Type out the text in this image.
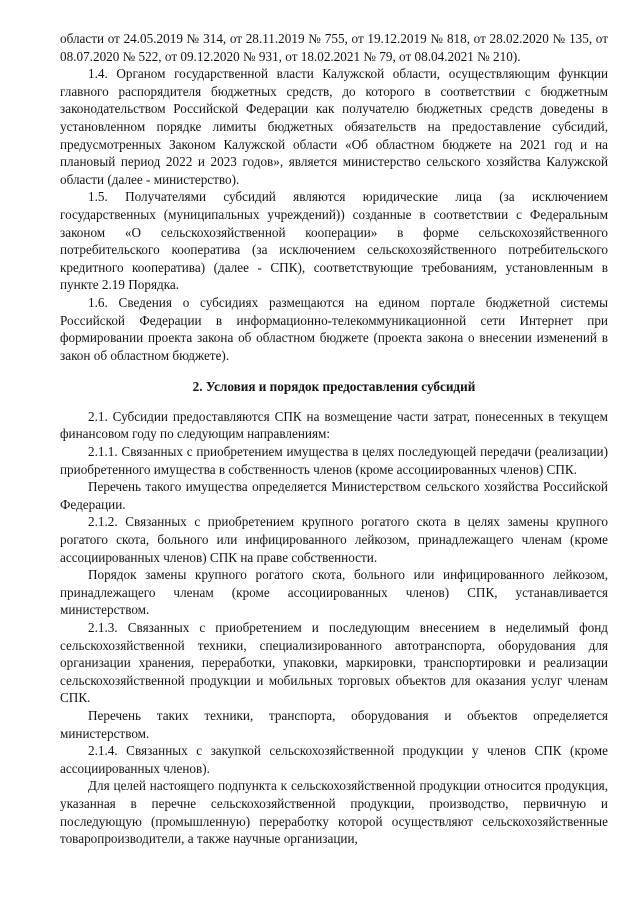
области от 24.05.2019 № 314, от 28.11.2019 № 755, от 19.12.2019 № 818, от 28.02.2020 № 135, от 08.07.2020 № 522, от 09.12.2020 № 931, от 18.02.2021 № 79, от 08.04.2021 № 210).

1.4. Органом государственной власти Калужской области, осуществляющим функции главного распорядителя бюджетных средств, до которого в соответствии с бюджетным законодательством Российской Федерации как получателю бюджетных средств доведены в установленном порядке лимиты бюджетных обязательств на предоставление субсидий, предусмотренных Законом Калужской области «Об областном бюджете на 2021 год и на плановый период 2022 и 2023 годов», является министерство сельского хозяйства Калужской области (далее - министерство).

1.5. Получателями субсидий являются юридические лица (за исключением государственных (муниципальных учреждений)) созданные в соответствии с Федеральным законом «О сельскохозяйственной кооперации» в форме сельскохозяйственного потребительского кооператива (за исключением сельскохозяйственного потребительского кредитного кооператива) (далее - СПК), соответствующие требованиям, установленным в пункте 2.19 Порядка.

1.6. Сведения о субсидиях размещаются на едином портале бюджетной системы Российской Федерации в информационно-телекоммуникационной сети Интернет при формировании проекта закона об областном бюджете (проекта закона о внесении изменений в закон об областном бюджете).

2. Условия и порядок предоставления субсидий

2.1. Субсидии предоставляются СПК на возмещение части затрат, понесенных в текущем финансовом году по следующим направлениям:

2.1.1. Связанных с приобретением имущества в целях последующей передачи (реализации) приобретенного имущества в собственность членов (кроме ассоциированных членов) СПК.

Перечень такого имущества определяется Министерством сельского хозяйства Российской Федерации.

2.1.2. Связанных с приобретением крупного рогатого скота в целях замены крупного рогатого скота, больного или инфицированного лейкозом, принадлежащего членам (кроме ассоциированных членов) СПК на праве собственности.

Порядок замены крупного рогатого скота, больного или инфицированного лейкозом, принадлежащего членам (кроме ассоциированных членов) СПК, устанавливается министерством.

2.1.3. Связанных с приобретением и последующим внесением в неделимый фонд сельскохозяйственной техники, специализированного автотранспорта, оборудования для организации хранения, переработки, упаковки, маркировки, транспортировки и реализации сельскохозяйственной продукции и мобильных торговых объектов для оказания услуг членам СПК.

Перечень таких техники, транспорта, оборудования и объектов определяется министерством.

2.1.4. Связанных с закупкой сельскохозяйственной продукции у членов СПК (кроме ассоциированных членов).

Для целей настоящего подпункта к сельскохозяйственной продукции относится продукция, указанная в перечне сельскохозяйственной продукции, производство, первичную и последующую (промышленную) переработку которой осуществляют сельскохозяйственные товаропроизводители, а также научные организации,
